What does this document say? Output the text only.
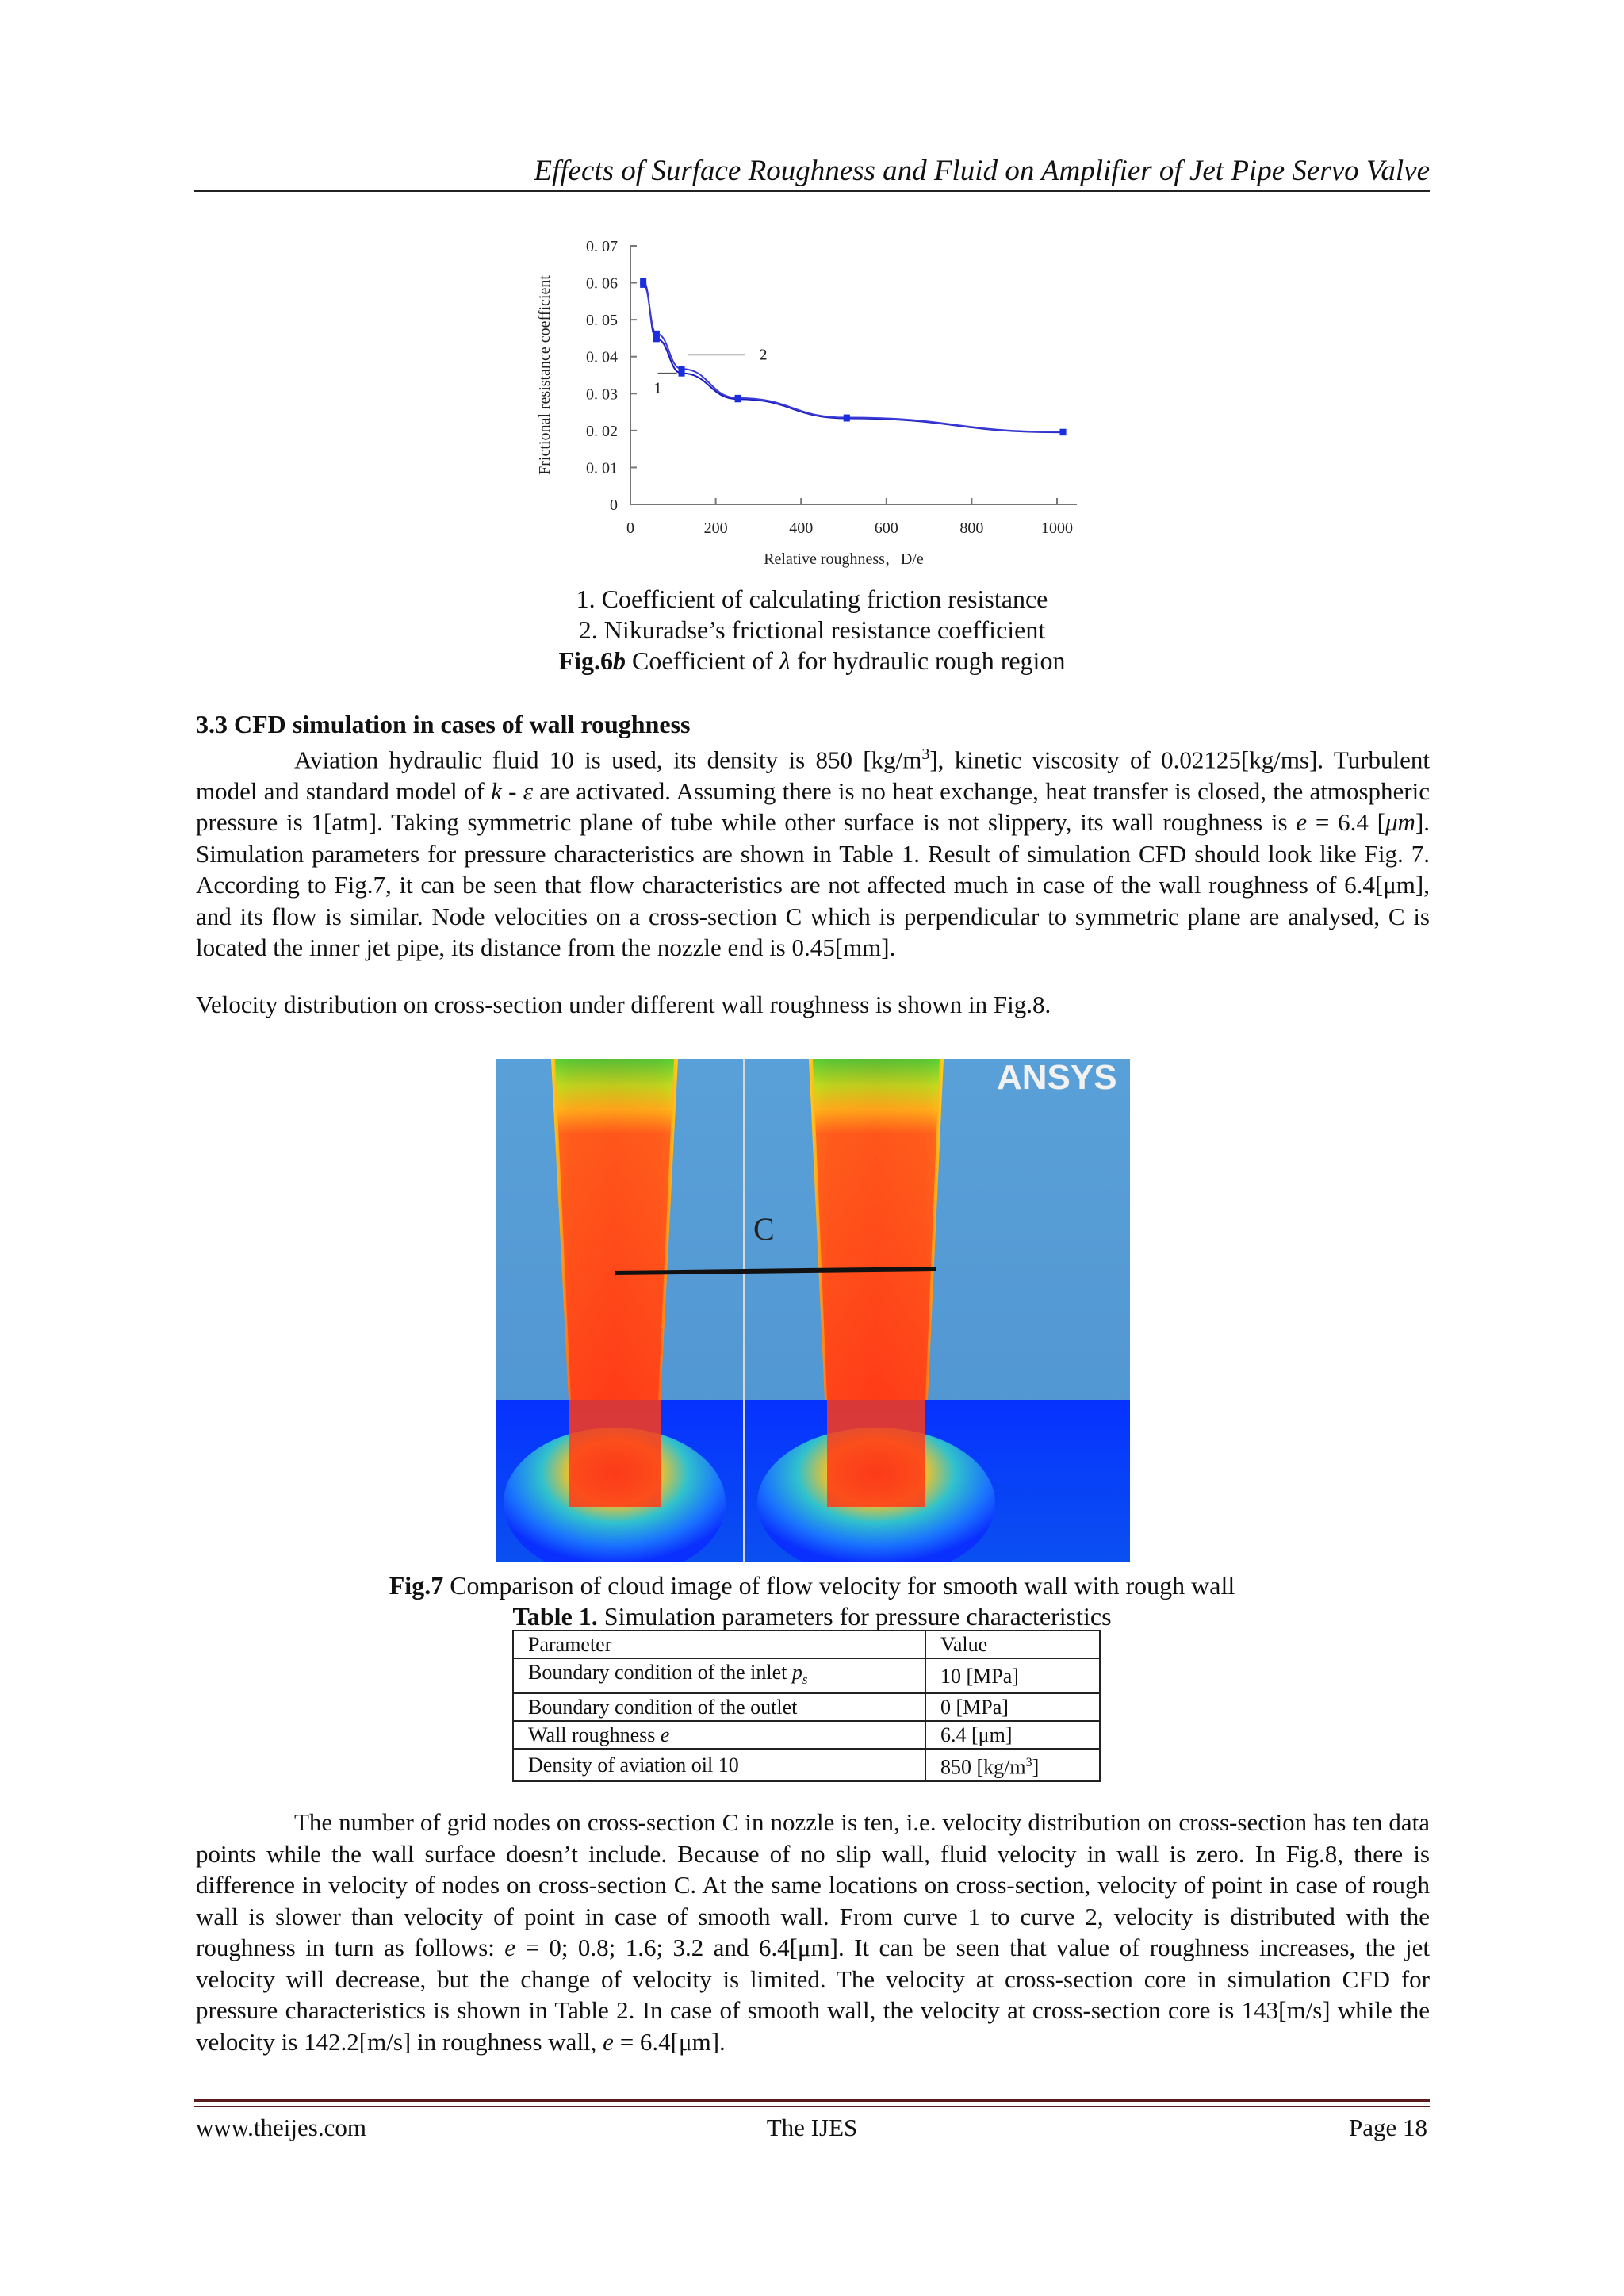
Effects of Surface Roughness and Fluid on Amplifier of Jet Pipe Servo Valve
0	200	400	600	800	1000
0
0. 01
0. 02
0. 03
0. 04
0. 05
0. 06
0. 07
Relative roughness，D/e
Frictional resistance coefficient	2
1
1. Coefficient of calculating friction resistance
2. Nikuradse’s frictional resistance coefficient
Fig.6b Coefficient of λ for hydraulic rough region
3.3 CFD simulation in cases of wall roughness
Aviation hydraulic fluid 10 is used, its density is 850 $[kg/m^3]$, kinetic viscosity of 0.02125[kg/ms]. Turbulent model and standard model of k - ε are activated. Assuming there is no heat exchange, heat transfer is closed, the atmospheric pressure is 1[atm]. Taking symmetric plane of tube while other surface is not slippery, its wall roughness is e = 6.4 [μm]. Simulation parameters for pressure characteristics are shown in Table 1. Result of simulation CFD should look like Fig. 7. According to Fig.7, it can be seen that flow characteristics are not affected much in case of the wall roughness of 6.4[μm], and its flow is similar. Node velocities on a cross-section C which is perpendicular to symmetric plane are analysed, C is located the inner jet pipe, its distance from the nozzle end is 0.45[mm].
Velocity distribution on cross-section under different wall roughness is shown in Fig.8.
C
ANSYS
Fig.7 Comparison of cloud image of flow velocity for smooth wall with rough wall
Table 1. Simulation parameters for pressure characteristics
Parameter	Value
Boundary condition of the inlet $p_s$	10 [MPa]
Boundary condition of the outlet	0 [MPa]
Wall roughness e	6.4 [μm]
Density of aviation oil 10	850 $[kg/m^3]$
The number of grid nodes on cross-section C in nozzle is ten, i.e. velocity distribution on cross-section has ten data points while the wall surface doesn’t include. Because of no slip wall, fluid velocity in wall is zero. In Fig.8, there is difference in velocity of nodes on cross-section C. At the same locations on cross-section, velocity of point in case of rough wall is slower than velocity of point in case of smooth wall. From curve 1 to curve 2, velocity is distributed with the roughness in turn as follows: e = 0; 0.8; 1.6; 3.2 and 6.4[μm]. It can be seen that value of roughness increases, the jet velocity will decrease, but the change of velocity is limited. The velocity at cross-section core in simulation CFD for pressure characteristics is shown in Table 2. In case of smooth wall, the velocity at cross-section core is 143[m/s] while the velocity is 142.2[m/s] in roughness wall, e = 6.4[μm].
www.theijes.com	The IJES	Page 18
